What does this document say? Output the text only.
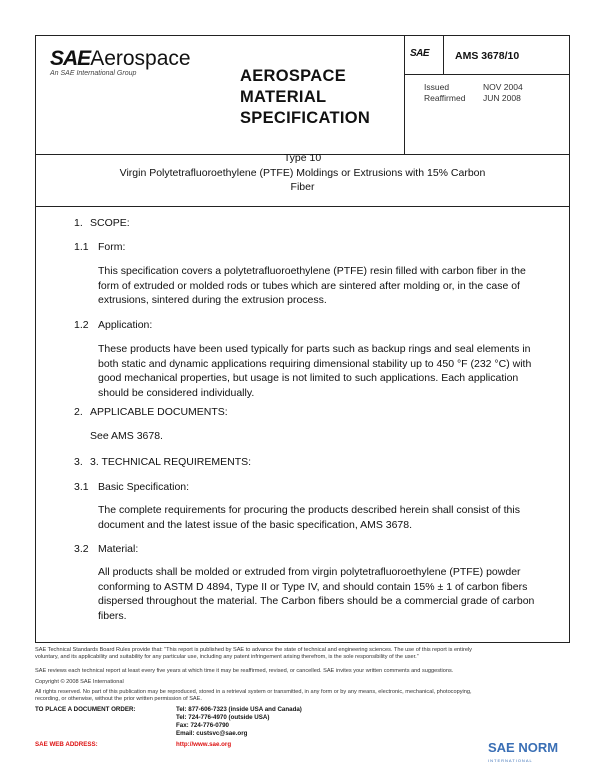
SAEAerospace
An SAE International Group	AEROSPACE
MATERIAL
SPECIFICATION
SAE AMS 3678/10
Issued	NOV 2004
Reaffirmed JUN 2008
Type 10
Virgin Polytetrafluoroethylene (PTFE) Moldings or Extrusions with 15% Carbon
Fiber
1. SCOPE:
1.1 Form:
This specification covers a polytetrafluoroethylene (PTFE) resin filled with carbon fiber in the
form of extruded or molded rods or tubes which are sintered after molding or, in the case of
extrusions, sintered during the extrusion process.
1.2 Application:
These products have been used typically for parts such as backup rings and seal elements in
both static and dynamic applications requiring dimensional stability up to 450 °F (232 °C) with
good mechanical properties, but usage is not limited to such applications. Each application
should be considered individually.
2. APPLICABLE DOCUMENTS:
See AMS 3678.
3. 3. TECHNICAL REQUIREMENTS:
3.1 Basic Specification:
The complete requirements for procuring the products described herein shall consist of this
document and the latest issue of the basic specification, AMS 3678.
3.2 Material:
All products shall be molded or extruded from virgin polytetrafluoroethylene (PTFE) powder
conforming to ASTM D 4894, Type II or Type IV, and should contain 15% ± 1 of carbon fibers
dispersed throughout the material. The Carbon fibers should be a commercial grade of carbon
fibers.
SAE Technical Standards Board Rules provide that: “This report is published by SAE to advance the state of technical and engineering sciences. The use of this report is entirely
voluntary, and its applicability and suitability for any particular use, including any patent infringement arising therefrom, is the sole responsibility of the user.”
SAE reviews each technical report at least every five years at which time it may be reaffirmed, revised, or cancelled. SAE invites your written comments and suggestions.
Copyright © 2008 SAE International
All rights reserved. No part of this publication may be reproduced, stored in a retrieval system or transmitted, in any form or by any means, electronic, mechanical, photocopying,
recording, or otherwise, without the prior written permission of SAE.
TO PLACE A DOCUMENT ORDER:	Tel: 877-606-7323 (inside USA and Canada)
Tel: 724-776-4970 (outside USA)
Fax: 724-776-0790
Email: custsvc@sae.org
SAE WEB ADDRESS:	http://www.sae.org	SAE NORM
INTERNATIONAL
